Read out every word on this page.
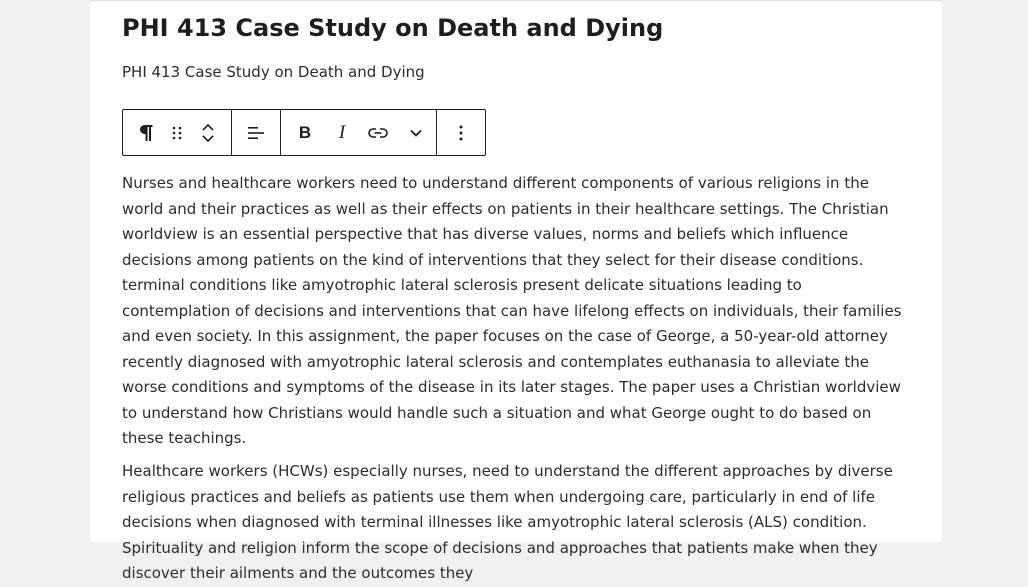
PHI 413 Case Study on Death and Dying

PHI 413 Case Study on Death and Dying

B I

Nurses and healthcare workers need to understand different components of various religions in the world and their practices as well as their effects on patients in their healthcare settings. The Christian worldview is an essential perspective that has diverse values, norms and beliefs which influence decisions among patients on the kind of interventions that they select for their disease conditions. terminal conditions like amyotrophic lateral sclerosis present delicate situations leading to contemplation of decisions and interventions that can have lifelong effects on individuals, their families and even society. In this assignment, the paper focuses on the case of George, a 50-year-old attorney recently diagnosed with amyotrophic lateral sclerosis and contemplates euthanasia to alleviate the worse conditions and symptoms of the disease in its later stages. The paper uses a Christian worldview to understand how Christians would handle such a situation and what George ought to do based on these teachings.

Healthcare workers (HCWs) especially nurses, need to understand the different approaches by diverse religious practices and beliefs as patients use them when undergoing care, particularly in end of life decisions when diagnosed with terminal illnesses like amyotrophic lateral sclerosis (ALS) condition. Spirituality and religion inform the scope of decisions and approaches that patients make when they discover their ailments and the outcomes they
